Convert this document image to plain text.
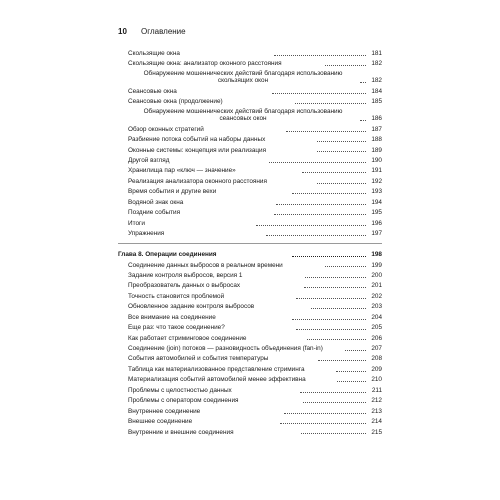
10	Оглавление
Скользящие окна	181
Скользящие окна: анализатор оконного расстояния	182
Обнаружение мошеннических действий благодаря использованию скользящих окон	182
Сеансовые окна	184
Сеансовые окна (продолжение)	185
Обнаружение мошеннических действий благодаря использованию сеансовых окон	186
Обзор оконных стратегий	187
Разбиение потока событий на наборы данных	188
Оконные системы: концепция или реализация	189
Другой взгляд	190
Хранилища пар «ключ — значение»	191
Реализация анализатора оконного расстояния	192
Время события и другие вехи	193
Водяной знак окна	194
Поздние события	195
Итоги	196
Упражнения	197
Глава 8. Операции соединения	198
Соединение данных выбросов в реальном времени	199
Задание контроля выбросов, версия 1	200
Преобразователь данных о выбросах	201
Точность становится проблемой	202
Обновленное задание контроля выбросов	203
Все внимание на соединение	204
Еще раз: что такое соединение?	205
Как работает стриминговое соединение	206
Соединение (join) потоков — разновидность объединения (fan-in)	207
События автомобилей и события температуры	208
Таблица как материализованное представление стриминга	209
Материализация событий автомобилей менее эффективна	210
Проблемы с целостностью данных	211
Проблемы с оператором соединения	212
Внутреннее соединение	213
Внешнее соединение	214
Внутренние и внешние соединения	215
